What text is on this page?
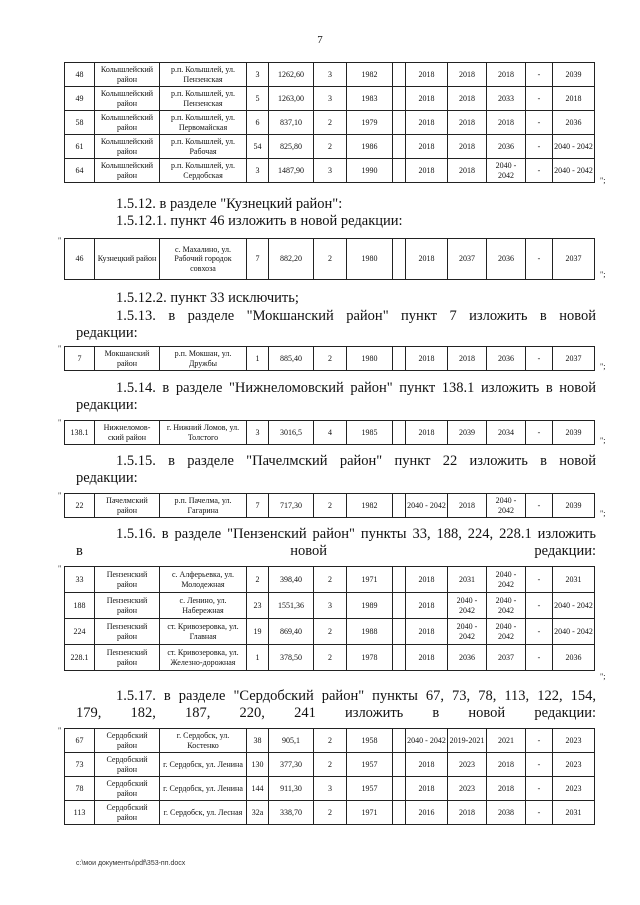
7
48	Колышлейский район	р.п. Колышлей, ул. Пензенская	3	1262,60	3	1982		2018	2018	2018	-	2039
49	Колышлейский район	р.п. Колышлей, ул. Пензенская	5	1263,00	3	1983		2018	2018	2033	-	2018
58	Колышлейский район	р.п. Колышлей, ул. Первомайская	6	837,10	2	1979		2018	2018	2018	-	2036
61	Колышлейский район	р.п. Колышлей, ул. Рабочая	54	825,80	2	1986		2018	2018	2036	-	2040 - 2042
64	Колышлейский район	р.п. Колышлей, ул. Сердобская	3	1487,90	3	1990		2018	2018	2040 - 2042	-	2040 - 2042
";

1.5.12. в разделе "Кузнецкий район":

1.5.12.1. пункт 46 изложить в новой редакции:

"
46	Кузнецкий район	с. Махалино, ул. Рабочий городок совхоза	7	882,20	2	1980		2018	2037	2036	-	2037
";

1.5.12.2. пункт 33 исключить;

1.5.13. в разделе "Мокшанский район" пункт 7 изложить в новой
редакции:
"
7	Мокшанский район	р.п. Мокшан, ул. Дружбы	1	885,40	2	1980		2018	2018	2036	-	2037
";
1.5.14. в разделе "Нижнеломовский район" пункт 138.1 изложить в новой
редакции:
"
138.1	Нижнеломов-ский район	г. Нижний Ломов, ул. Толстого	3	3016,5	4	1985		2018	2039	2034	-	2039
";
1.5.15. в разделе "Пачелмский район" пункт 22 изложить в новой
редакции:
"
22	Пачелмский район	р.п. Пачелма, ул. Гагарина	7	717,30	2	1982		2040 - 2042	2018	2040 - 2042	-	2039
";
1.5.16. в разделе "Пензенский район" пункты 33, 188, 224, 228.1 изложить
в новой редакции:
"
33	Пензенский район	с. Алферьевка, ул. Молодежная	2	398,40	2	1971		2018	2031	2040 - 2042	-	2031
188	Пензенский район	с. Ленино, ул. Набережная	23	1551,36	3	1989		2018	2040 - 2042	2040 - 2042	-	2040 - 2042
224	Пензенский район	ст. Кривозеровка, ул. Главная	19	869,40	2	1988		2018	2040 - 2042	2040 - 2042	-	2040 - 2042
228.1	Пензенский район	ст. Кривозеровка, ул. Железно-дорожная	1	378,50	2	1978		2018	2036	2037	-	2036
";
1.5.17. в разделе "Сердобский район" пункты 67, 73, 78, 113, 122, 154,
179, 182, 187, 220, 241 изложить в новой редакции:
"
67	Сердобский район	г. Сердобск, ул. Костенко	38	905,1	2	1958		2040 - 2042	2019-2021	2021	-	2023
73	Сердобский район	г. Сердобск, ул. Ленина	130	377,30	2	1957		2018	2023	2018	-	2023
78	Сердобский район	г. Сердобск, ул. Ленина	144	911,30	3	1957		2018	2023	2018	-	2023
113	Сердобский район	г. Сердобск, ул. Лесная	32а	338,70	2	1971		2016	2018	2038	-	2031
c:\мои документы\pdf\353-пп.docx
